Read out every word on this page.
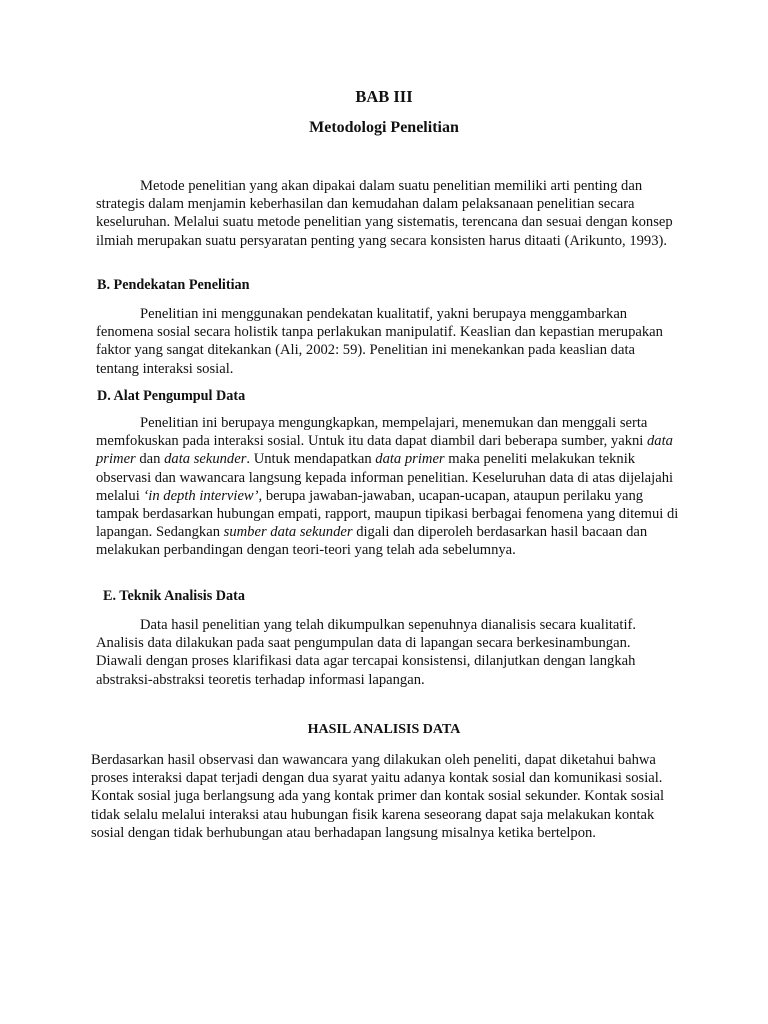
BAB III
Metodologi Penelitian

Metode penelitian yang akan dipakai dalam suatu penelitian memiliki arti penting dan strategis dalam menjamin keberhasilan dan kemudahan dalam pelaksanaan penelitian secara keseluruhan. Melalui suatu metode penelitian yang sistematis, terencana dan sesuai dengan konsep ilmiah merupakan suatu persyaratan penting yang secara konsisten harus ditaati (Arikunto, 1993).

B. Pendekatan Penelitian

Penelitian ini menggunakan pendekatan kualitatif, yakni berupaya menggambarkan fenomena sosial secara holistik tanpa perlakukan manipulatif. Keaslian dan kepastian merupakan faktor yang sangat ditekankan (Ali, 2002: 59). Penelitian ini menekankan pada keaslian data tentang interaksi sosial.

D. Alat Pengumpul Data

Penelitian ini berupaya mengungkapkan, mempelajari, menemukan dan menggali serta memfokuskan pada interaksi sosial. Untuk itu data dapat diambil dari beberapa sumber, yakni data primer dan data sekunder. Untuk mendapatkan data primer maka peneliti melakukan teknik observasi dan wawancara langsung kepada informan penelitian. Keseluruhan data di atas dijelajahi melalui ‘in depth interview’, berupa jawaban-jawaban, ucapan-ucapan, ataupun perilaku yang tampak berdasarkan hubungan empati, rapport, maupun tipikasi berbagai fenomena yang ditemui di lapangan. Sedangkan sumber data sekunder digali dan diperoleh berdasarkan hasil bacaan dan melakukan perbandingan dengan teori-teori yang telah ada sebelumnya.

E. Teknik Analisis Data

Data hasil penelitian yang telah dikumpulkan sepenuhnya dianalisis secara kualitatif. Analisis data dilakukan pada saat pengumpulan data di lapangan secara berkesinambungan. Diawali dengan proses klarifikasi data agar tercapai konsistensi, dilanjutkan dengan langkah abstraksi-abstraksi teoretis terhadap informasi lapangan.

HASIL ANALISIS DATA

Berdasarkan hasil observasi dan wawancara yang dilakukan oleh peneliti, dapat diketahui bahwa proses interaksi dapat terjadi dengan dua syarat yaitu adanya kontak sosial dan komunikasi sosial. Kontak sosial juga berlangsung ada yang kontak primer dan kontak sosial sekunder. Kontak sosial tidak selalu melalui interaksi atau hubungan fisik karena seseorang dapat saja melakukan kontak sosial dengan tidak berhubungan atau berhadapan langsung misalnya ketika bertelpon.
